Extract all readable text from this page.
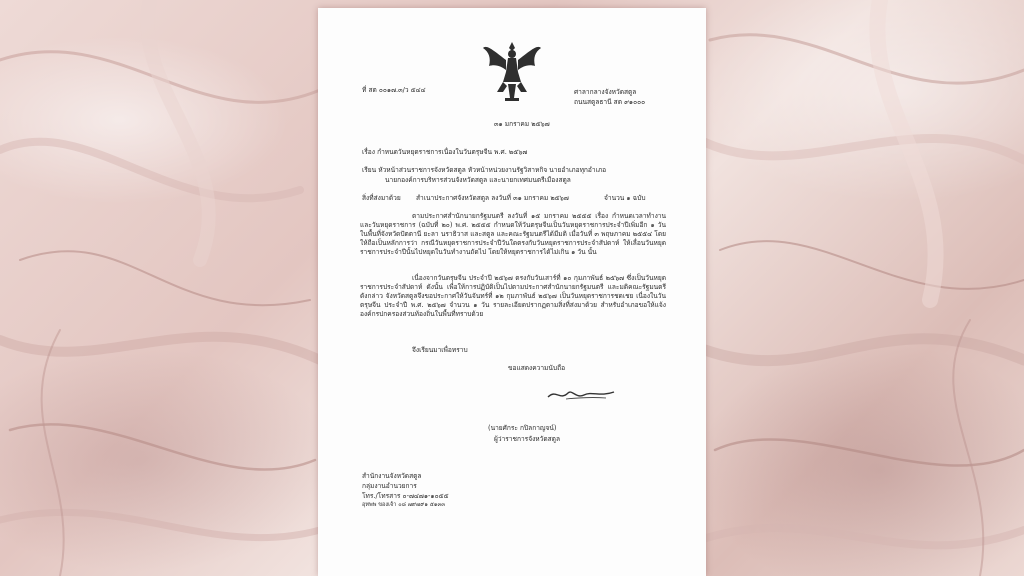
ที่ สต ๐๐๑๗.๓/ว ๕๔๔	ศาลากลางจังหวัดสตูล
ถนนสตูลธานี สต ๙๑๐๐๐
๓๑ มกราคม ๒๕๖๗
เรื่อง กำหนดวันหยุดราชการเนื่องในวันตรุษจีน พ.ศ. ๒๕๖๗
เรียน หัวหน้าส่วนราชการจังหวัดสตูล หัวหน้าหน่วยงานรัฐวิสาหกิจ นายอำเภอทุกอำเภอ
นายกองค์การบริหารส่วนจังหวัดสตูล และนายกเทศมนตรีเมืองสตูล
สิ่งที่ส่งมาด้วย สำเนาประกาศจังหวัดสตูล ลงวันที่ ๓๑ มกราคม ๒๕๖๗	จำนวน ๑ ฉบับ
ตามประกาศสำนักนายกรัฐมนตรี ลงวันที่ ๑๕ มกราคม ๒๕๕๕ เรื่อง กำหนดเวลาทำงานและวันหยุดราชการ (ฉบับที่ ๒๐) พ.ศ. ๒๕๕๕ กำหนดให้วันตรุษจีนเป็นวันหยุดราชการประจำปีเพิ่มอีก ๑ วัน ในพื้นที่จังหวัดปัตตานี ยะลา นราธิวาส และสตูล และคณะรัฐมนตรีได้มีมติ เมื่อวันที่ ๓ พฤษภาคม ๒๕๕๔ โดยให้ถือเป็นหลักการว่า กรณีวันหยุดราชการประจำปีวันใดตรงกับวันหยุดราชการประจำสัปดาห์ ให้เลื่อนวันหยุดราชการประจำปีนั้นไปหยุดในวันทำงานถัดไป โดยให้หยุดราชการได้ไม่เกิน ๑ วัน นั้น
เนื่องจากวันตรุษจีน ประจำปี ๒๕๖๗ ตรงกับวันเสาร์ที่ ๑๐ กุมภาพันธ์ ๒๕๖๗ ซึ่งเป็นวันหยุดราชการประจำสัปดาห์ ดังนั้น เพื่อให้การปฏิบัติเป็นไปตามประกาศสำนักนายกรัฐมนตรี และมติคณะรัฐมนตรีดังกล่าว จังหวัดสตูลจึงขอประกาศให้วันจันทร์ที่ ๑๒ กุมภาพันธ์ ๒๕๖๗ เป็นวันหยุดราชการชดเชย เนื่องในวันตรุษจีน ประจำปี พ.ศ. ๒๕๖๗ จำนวน ๑ วัน รายละเอียดปรากฏตามสิ่งที่ส่งมาด้วย สำหรับอำเภอขอให้แจ้งองค์กรปกครองส่วนท้องถิ่นในพื้นที่ทราบด้วย
จึงเรียนมาเพื่อทราบ
ขอแสดงความนับถือ
(นายศักระ กปิลกาญจน์)
ผู้ว่าราชการจังหวัดสตูล
สำนักงานจังหวัดสตูล
กลุ่มงานอำนวยการ
โทร./โทรสาร ๐-๗๔๗๑-๑๐๕๕
อุทพพ ของเจ้า ๐๘ ๗๙๗๙๑ ๕๑๓๓
